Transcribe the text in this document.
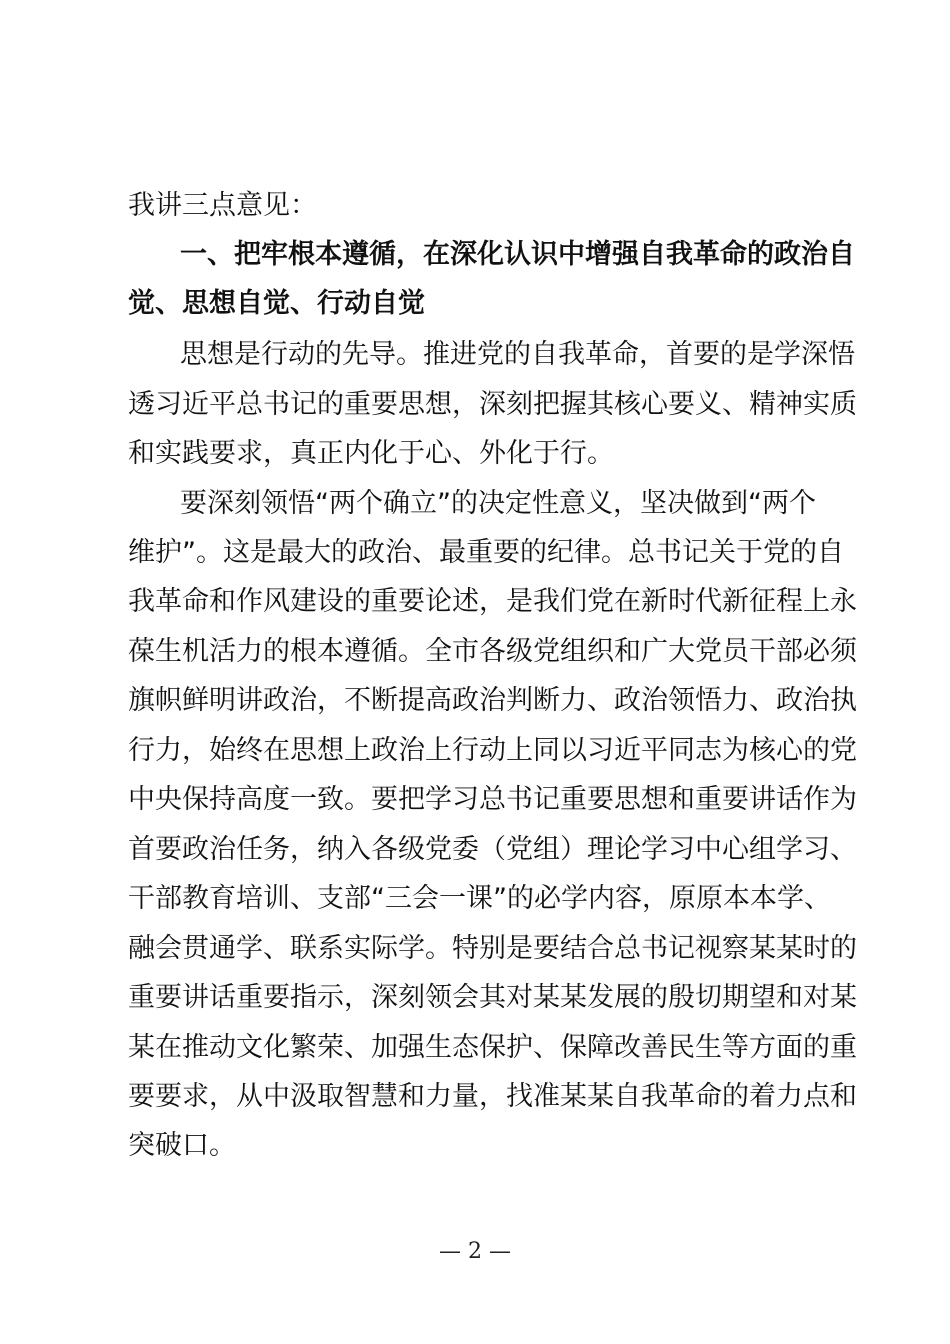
我讲三点意见：
一、把牢根本遵循，在深化认识中增强自我革命的政治自
觉、思想自觉、行动自觉
思想是行动的先导。推进党的自我革命，首要的是学深悟
透习近平总书记的重要思想，深刻把握其核心要义、精神实质
和实践要求，真正内化于心、外化于行。
要深刻领悟“两个确立”的决定性意义，坚决做到“两个
维护”。这是最大的政治、最重要的纪律。总书记关于党的自
我革命和作风建设的重要论述，是我们党在新时代新征程上永
葆生机活力的根本遵循。全市各级党组织和广大党员干部必须
旗帜鲜明讲政治，不断提高政治判断力、政治领悟力、政治执
行力，始终在思想上政治上行动上同以习近平同志为核心的党
中央保持高度一致。要把学习总书记重要思想和重要讲话作为
首要政治任务，纳入各级党委（党组）理论学习中心组学习、
干部教育培训、支部“三会一课”的必学内容，原原本本学、
融会贯通学、联系实际学。特别是要结合总书记视察某某时的
重要讲话重要指示，深刻领会其对某某发展的殷切期望和对某
某在推动文化繁荣、加强生态保护、保障改善民生等方面的重
要要求，从中汲取智慧和力量，找准某某自我革命的着力点和
突破口。
— 2 —
